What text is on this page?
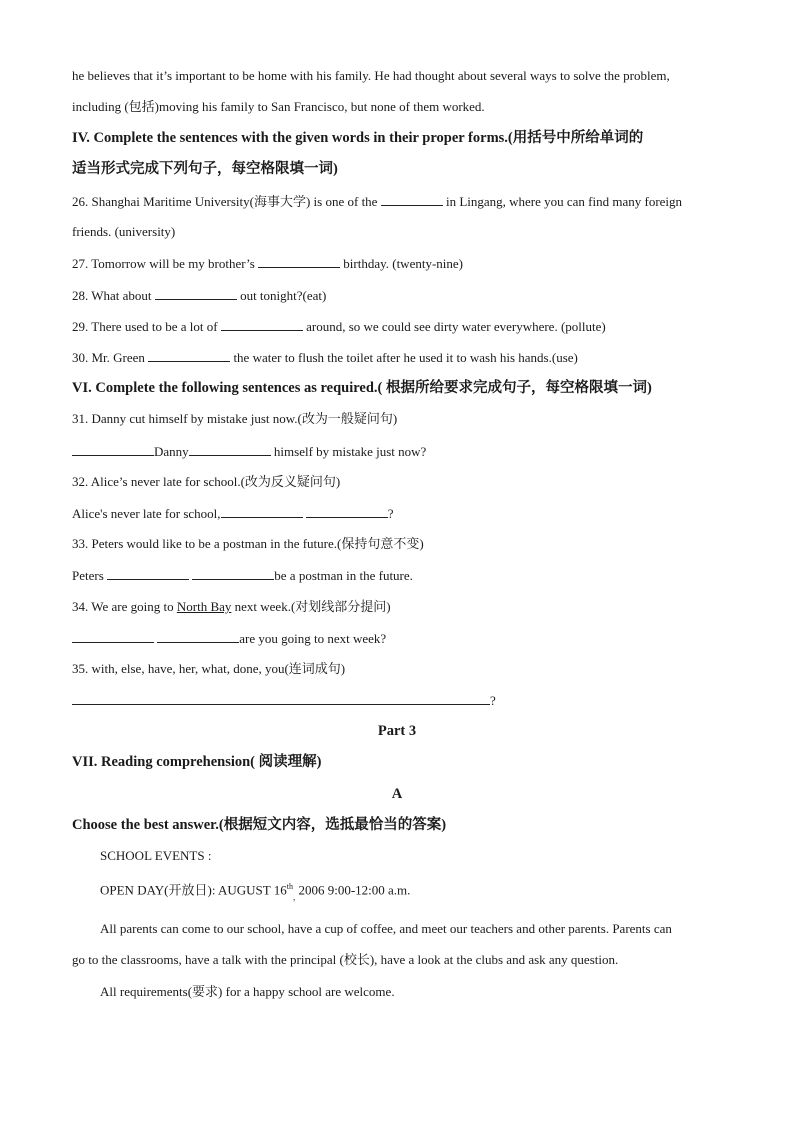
he believes that it’s important to be home with his family. He had thought about several ways to solve the problem,
including (包括)moving his family to San Francisco, but none of them worked.
IV. Complete the sentences with the given words in their proper forms.(用括号中所给单词的
适当形式完成下列句子，每空格限填一词)
26. Shanghai Maritime University(海事大学) is one of the	in Lingang, where you can find many foreign
friends. (university)
27. Tomorrow will be my brother’s	birthday. (twenty-nine)
28. What about	out tonight?(eat)
29. There used to be a lot of	around, so we could see dirty water everywhere. (pollute)
30. Mr. Green	the water to flush the toilet after he used it to wash his hands.(use)
VI. Complete the following sentences as required.( 根据所给要求完成句子，每空格限填一词)
31. Danny cut himself by mistake just now.(改为一般疑问句)
Danny	himself by mistake just now?
32. Alice’s never late for school.(改为反义疑问句)
Alice's never late for school,	?
33. Peters would like to be a postman in the future.(保持句意不变)
Peters	be a postman in the future.
34. We are going to North Bay next week.(对划线部分提问)
are you going to next week?
35. with, else, have, her, what, done, you(连词成句)
?
Part 3
VII. Reading comprehension( 阅读理解)
A
Choose the best answer.(根据短文内容，选抵最恰当的答案)
SCHOOL EVENTS :
OPEN DAY(开放日): AUGUST $16th_,$ 2006 9:00-12:00 a.m.
All parents can come to our school, have a cup of coffee, and meet our teachers and other parents. Parents can
go to the classrooms, have a talk with the principal (校长), have a look at the clubs and ask any question.
All requirements(要求) for a happy school are welcome.
